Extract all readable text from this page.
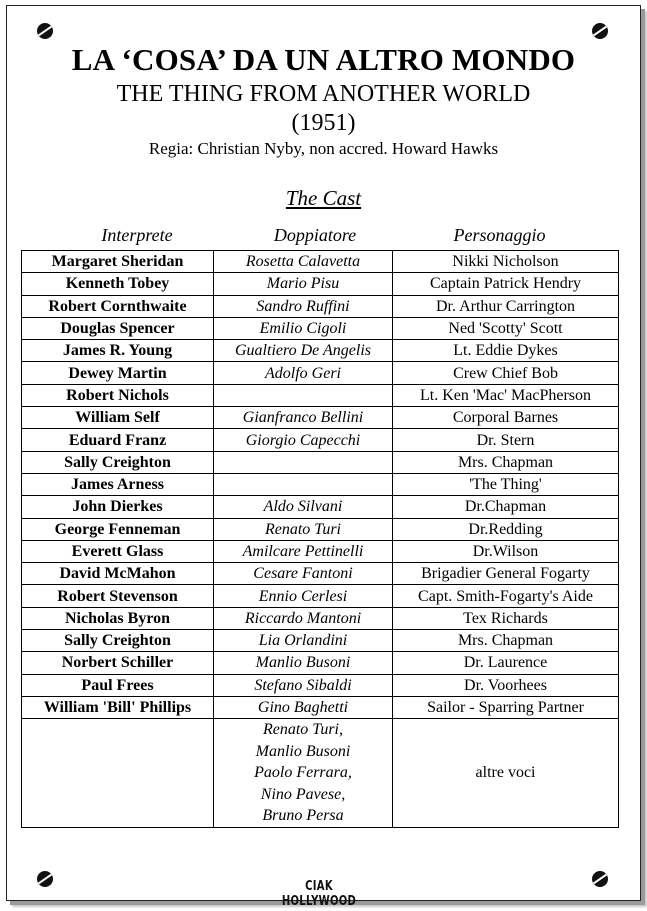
LA ‘COSA’ DA UN ALTRO MONDO
THE THING FROM ANOTHER WORLD
(1951)
Regia: Christian Nyby, non accred. Howard Hawks
The Cast
Interprete	Doppiatore	Personaggio
Margaret Sheridan	Rosetta Calavetta	Nikki Nicholson
Kenneth Tobey	Mario Pisu	Captain Patrick Hendry
Robert Cornthwaite	Sandro Ruffini	Dr. Arthur Carrington
Douglas Spencer	Emilio Cigoli	Ned 'Scotty' Scott
James R. Young	Gualtiero De Angelis	Lt. Eddie Dykes
Dewey Martin	Adolfo Geri	Crew Chief Bob
Robert Nichols		Lt. Ken 'Mac' MacPherson
William Self	Gianfranco Bellini	Corporal Barnes
Eduard Franz	Giorgio Capecchi	Dr. Stern
Sally Creighton		Mrs. Chapman
James Arness		'The Thing'
John Dierkes	Aldo Silvani	Dr.Chapman
George Fenneman	Renato Turi	Dr.Redding
Everett Glass	Amilcare Pettinelli	Dr.Wilson
David McMahon	Cesare Fantoni	Brigadier General Fogarty
Robert Stevenson	Ennio Cerlesi	Capt. Smith-Fogarty's Aide
Nicholas Byron	Riccardo Mantoni	Tex Richards
Sally Creighton	Lia Orlandini	Mrs. Chapman
Norbert Schiller	Manlio Busoni	Dr. Laurence
Paul Frees	Stefano Sibaldi	Dr. Voorhees
William 'Bill' Phillips	Gino Baghetti	Sailor - Sparring Partner

	Renato Turi,
Manlio Busoni
Paolo Ferrara,
Nino Pavese,
Bruno Persa	altre voci
CIAK HOLLYWOOD
